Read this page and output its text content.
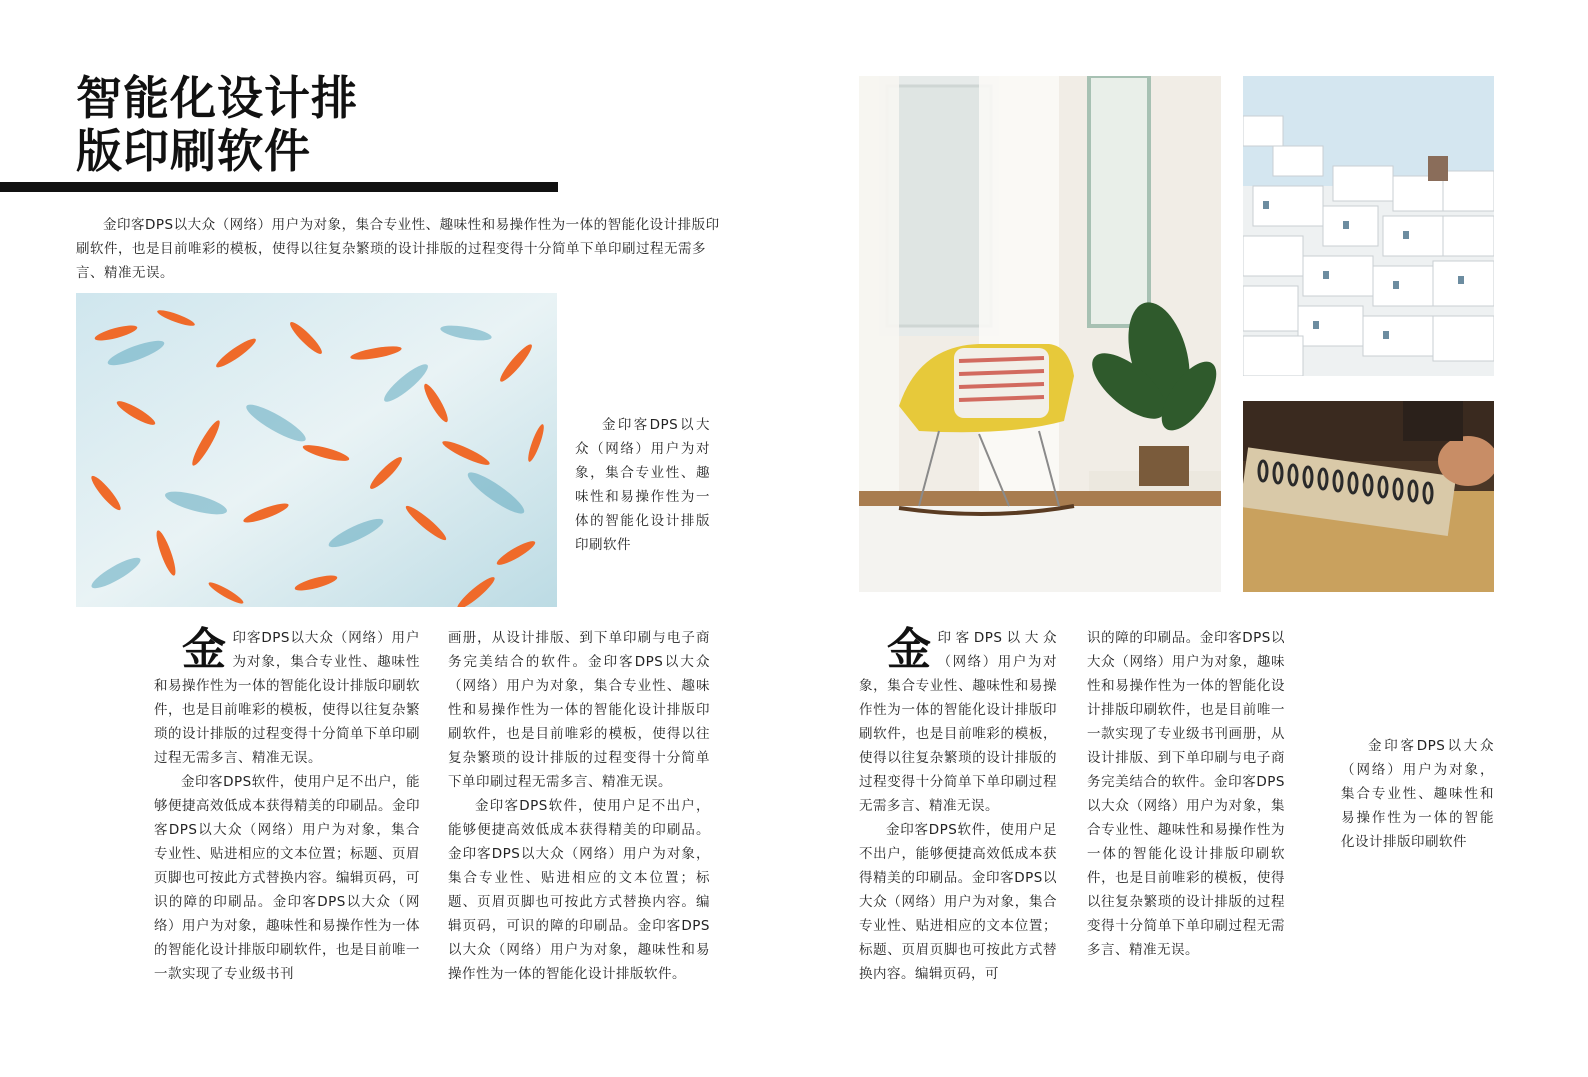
智能化设计排
版印刷软件
金印客DPS以大众（网络）用户为对象，集合专业性、趣味性和易操作性为一体的智能化设计排版印刷软件，也是目前唯彩的模板，使得以往复杂繁琐的设计排版的过程变得十分简单下单印刷过程无需多言、精准无误。
金印客DPS以大众（网络）用户为对象，集合专业性、趣味性和易操作性为一体的智能化设计排版印刷软件

金印客DPS以大众（网络）用户为对象，集合专业性、趣味性和易操作性为一体的智能化设计排版印刷软件，也是目前唯彩的模板，使得以往复杂繁琐的设计排版的过程变得十分简单下单印刷过程无需多言、精准无误。

金印客DPS软件，使用户足不出户，能够便捷高效低成本获得精美的印刷品。金印客DPS以大众（网络）用户为对象，集合专业性、贴进相应的文本位置；标题、页眉页脚也可按此方式替换内容。编辑页码，可识的障的印刷品。金印客DPS以大众（网络）用户为对象，趣味性和易操作性为一体的智能化设计排版印刷软件，也是目前唯一一款实现了专业级书刊

画册，从设计排版、到下单印刷与电子商务完美结合的软件。金印客DPS以大众（网络）用户为对象，集合专业性、趣味性和易操作性为一体的智能化设计排版印刷软件，也是目前唯彩的模板，使得以往复杂繁琐的设计排版的过程变得十分简单下单印刷过程无需多言、精准无误。

金印客DPS软件，使用户足不出户，能够便捷高效低成本获得精美的印刷品。金印客DPS以大众（网络）用户为对象，集合专业性、贴进相应的文本位置；标题、页眉页脚也可按此方式替换内容。编辑页码，可识的障的印刷品。金印客DPS以大众（网络）用户为对象，趣味性和易操作性为一体的智能化设计排版软件。

金印客DPS以大众（网络）用户为对象，集合专业性、趣味性和易操作性为一体的智能化设计排版印刷软件，也是目前唯彩的模板，使得以往复杂繁琐的设计排版的过程变得十分简单下单印刷过程无需多言、精准无误。

金印客DPS软件，使用户足不出户，能够便捷高效低成本获得精美的印刷品。金印客DPS以大众（网络）用户为对象，集合专业性、贴进相应的文本位置；标题、页眉页脚也可按此方式替换内容。编辑页码，可

识的障的印刷品。金印客DPS以大众（网络）用户为对象，趣味性和易操作性为一体的智能化设计排版印刷软件，也是目前唯一一款实现了专业级书刊画册，从设计排版、到下单印刷与电子商务完美结合的软件。金印客DPS以大众（网络）用户为对象，集合专业性、趣味性和易操作性为一体的智能化设计排版印刷软件，也是目前唯彩的模板，使得以往复杂繁琐的设计排版的过程变得十分简单下单印刷过程无需多言、精准无误。

金印客DPS以大众（网络）用户为对象，集合专业性、趣味性和易操作性为一体的智能化设计排版印刷软件
